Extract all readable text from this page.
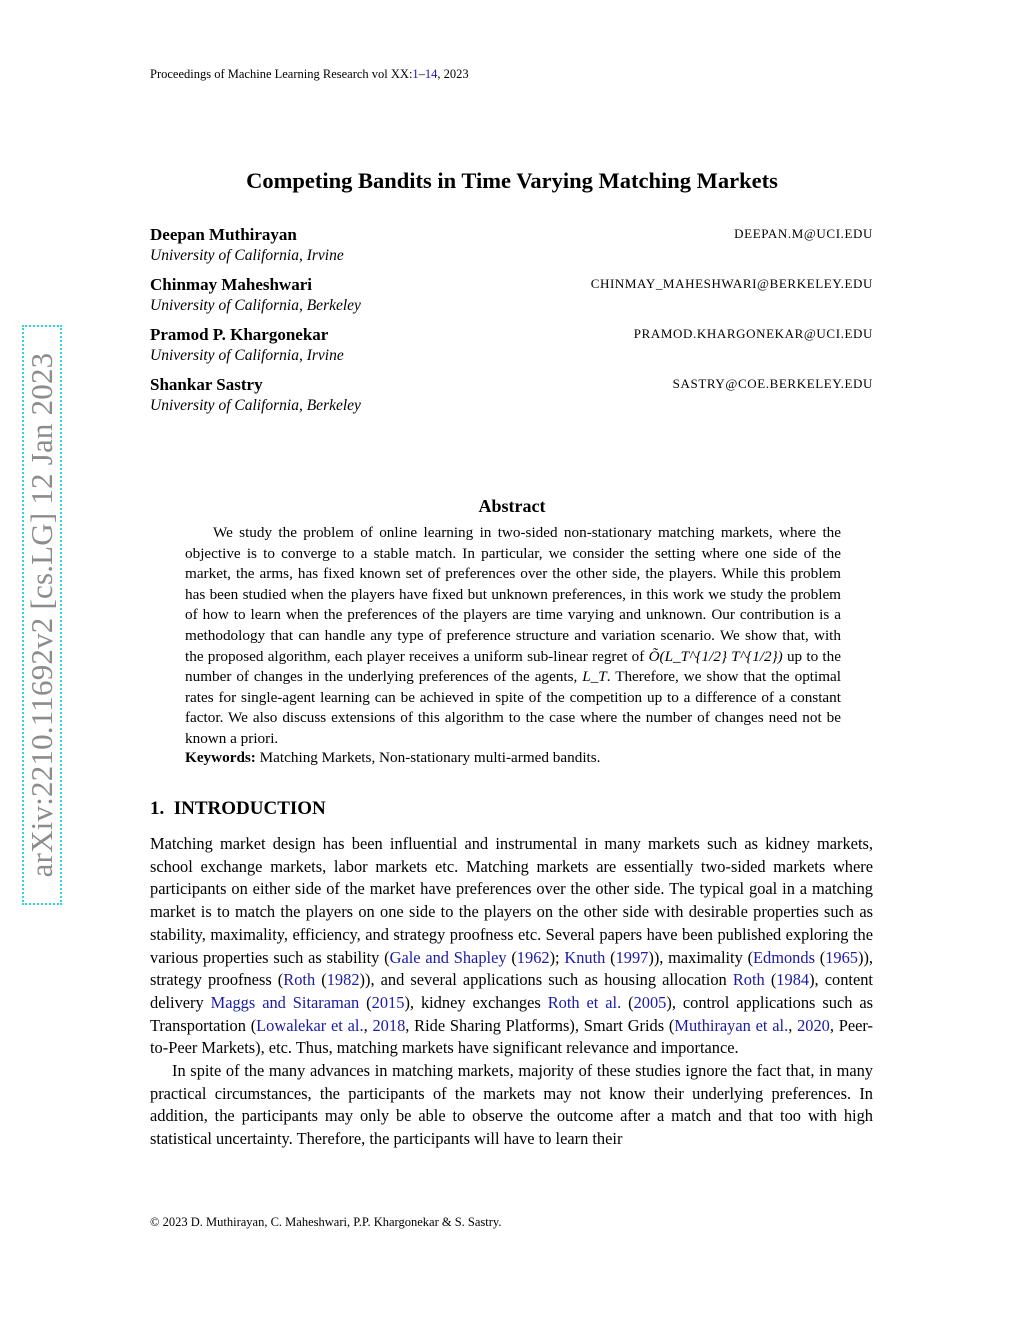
arXiv:2210.11692v2 [cs.LG] 12 Jan 2023
Proceedings of Machine Learning Research vol XX:1–14, 2023
Competing Bandits in Time Varying Matching Markets
Deepan Muthirayan
University of California, Irvine
DEEPAN.M@UCI.EDU
Chinmay Maheshwari
University of California, Berkeley
CHINMAY_MAHESHWARI@BERKELEY.EDU
Pramod P. Khargonekar
University of California, Irvine
PRAMOD.KHARGONEKAR@UCI.EDU
Shankar Sastry
University of California, Berkeley
SASTRY@COE.BERKELEY.EDU
Abstract

We study the problem of online learning in two-sided non-stationary matching markets, where the objective is to converge to a stable match. In particular, we consider the setting where one side of the market, the arms, has fixed known set of preferences over the other side, the players. While this problem has been studied when the players have fixed but unknown preferences, in this work we study the problem of how to learn when the preferences of the players are time varying and unknown. Our contribution is a methodology that can handle any type of preference structure and variation scenario. We show that, with the proposed algorithm, each player receives a uniform sub-linear regret of Õ(L_T^{1/2} T^{1/2}) up to the number of changes in the underlying preferences of the agents, L_T. Therefore, we show that the optimal rates for single-agent learning can be achieved in spite of the competition up to a difference of a constant factor. We also discuss extensions of this algorithm to the case where the number of changes need not be known a priori.

Keywords: Matching Markets, Non-stationary multi-armed bandits.
1. INTRODUCTION

Matching market design has been influential and instrumental in many markets such as kidney markets, school exchange markets, labor markets etc. Matching markets are essentially two-sided markets where participants on either side of the market have preferences over the other side. The typical goal in a matching market is to match the players on one side to the players on the other side with desirable properties such as stability, maximality, efficiency, and strategy proofness etc. Several papers have been published exploring the various properties such as stability (Gale and Shapley (1962); Knuth (1997)), maximality (Edmonds (1965)), strategy proofness (Roth (1982)), and several applications such as housing allocation Roth (1984), content delivery Maggs and Sitaraman (2015), kidney exchanges Roth et al. (2005), control applications such as Transportation (Lowalekar et al., 2018, Ride Sharing Platforms), Smart Grids (Muthirayan et al., 2020, Peer-to-Peer Markets), etc. Thus, matching markets have significant relevance and importance.

In spite of the many advances in matching markets, majority of these studies ignore the fact that, in many practical circumstances, the participants of the markets may not know their underlying preferences. In addition, the participants may only be able to observe the outcome after a match and that too with high statistical uncertainty. Therefore, the participants will have to learn their

© 2023 D. Muthirayan, C. Maheshwari, P.P. Khargonekar & S. Sastry.
